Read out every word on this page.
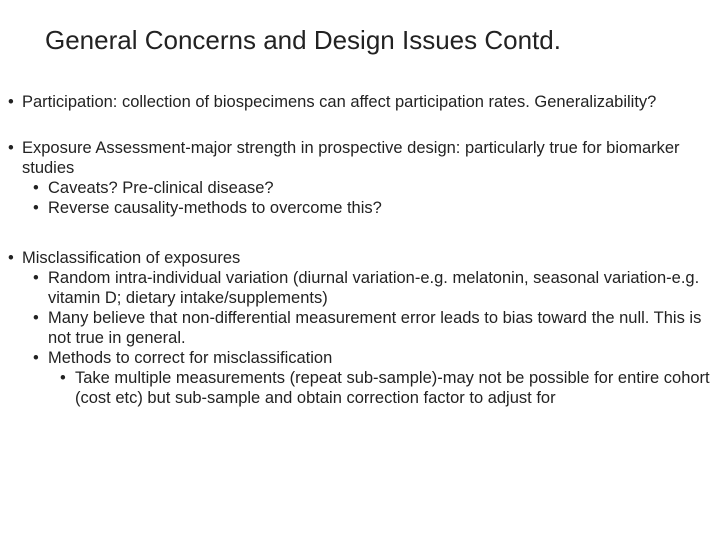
General Concerns and Design Issues Contd.
• Participation: collection of biospecimens can affect participation rates. Generalizability?
• Exposure Assessment-major strength in prospective design: particularly true for biomarker studies
• Caveats? Pre-clinical disease?
• Reverse causality-methods to overcome this?
• Misclassification of exposures
• Random intra-individual variation (diurnal variation-e.g. melatonin, seasonal variation-e.g. vitamin D; dietary intake/supplements)
• Many believe that non-differential measurement error leads to bias toward the null. This is not true in general.
• Methods to correct for misclassification
• Take multiple measurements (repeat sub-sample)-may not be possible for entire cohort (cost etc) but sub-sample and obtain correction factor to adjust for
